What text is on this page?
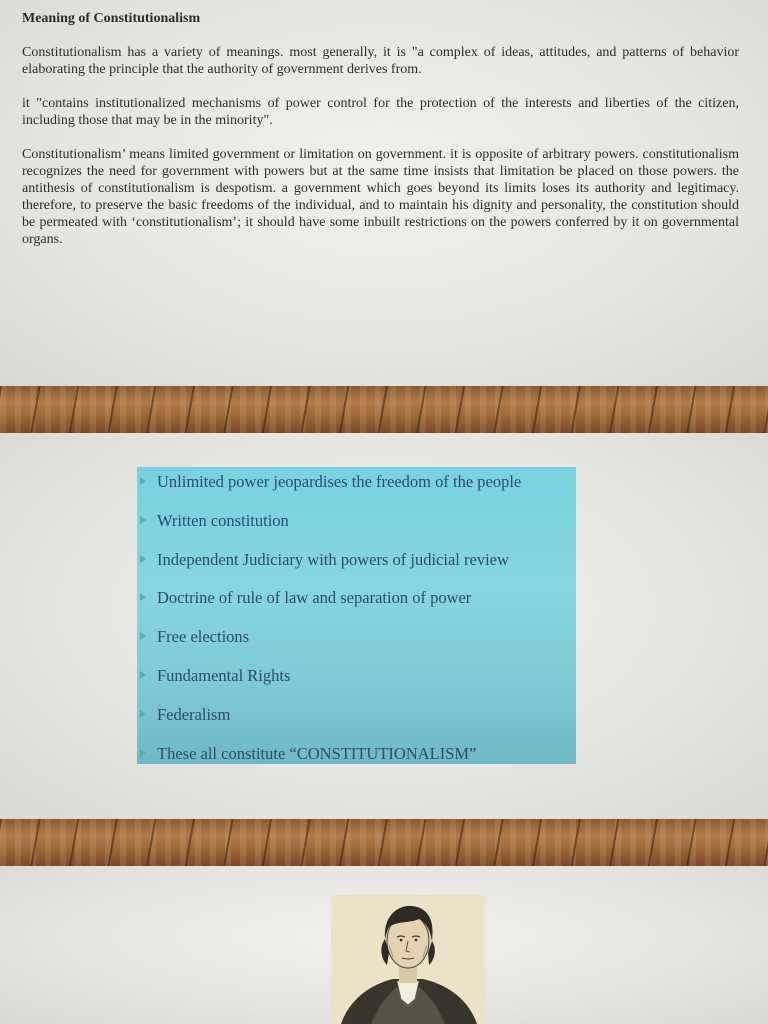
Meaning of Constitutionalism

Constitutionalism has a variety of meanings. most generally, it is "a complex of ideas, attitudes, and patterns of behavior elaborating the principle that the authority of government derives from.

it "contains institutionalized mechanisms of power control for the protection of the interests and liberties of the citizen, including those that may be in the minority".

Constitutionalism’ means limited government or limitation on government. it is opposite of arbitrary powers. constitutionalism recognizes the need for government with powers but at the same time insists that limitation be placed on those powers. the antithesis of constitutionalism is despotism. a government which goes beyond its limits loses its authority and legitimacy. therefore, to preserve the basic freedoms of the individual, and to maintain his dignity and personality, the constitution should be permeated with ‘constitutionalism’; it should have some inbuilt restrictions on the powers conferred by it on governmental organs.

Unlimited power jeopardises the freedom of the people
Written constitution
Independent Judiciary with powers of judicial review
Doctrine of rule of law and separation of power
Free elections
Fundamental Rights
Federalism
These all constitute “CONSTITUTIONALISM”
